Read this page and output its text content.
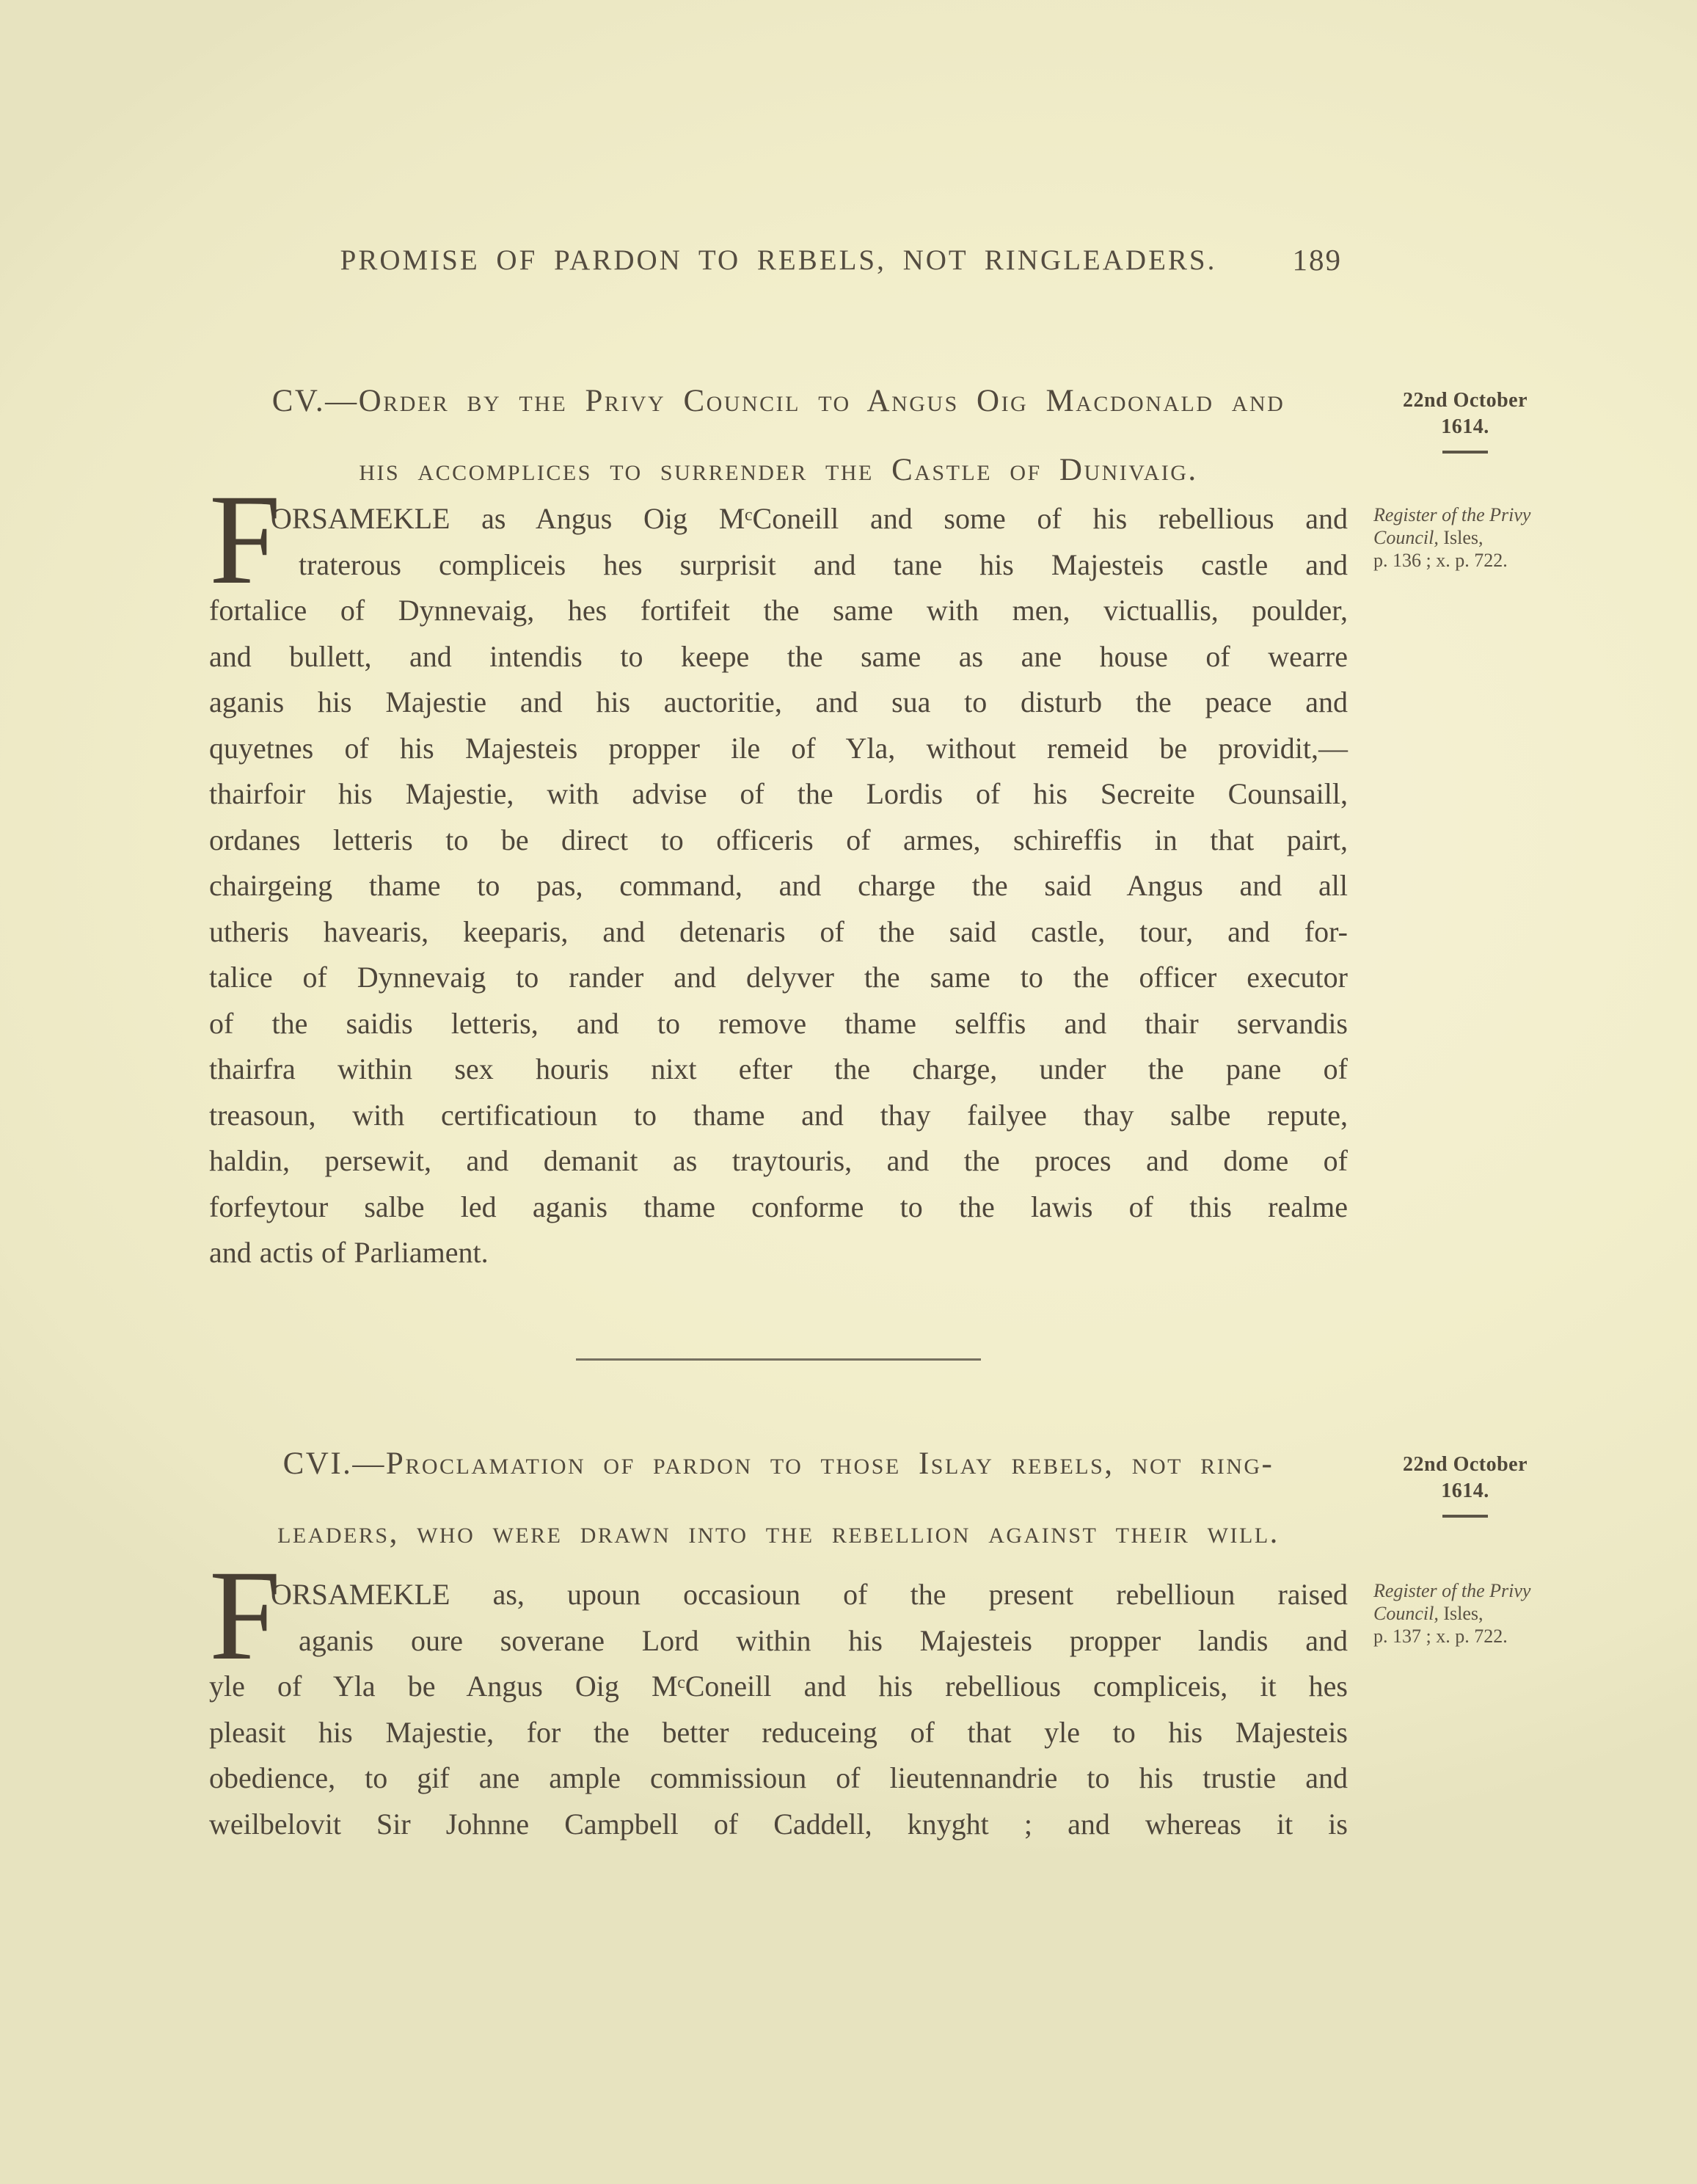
PROMISE OF PARDON TO REBELS, NOT RINGLEADERS.	189
CV.—Order by the Privy Council to Angus Oig Macdonald and
his accomplices to surrender the Castle of Dunivaig.
22nd October
1614.
Register of the Privy Council, Isles,
p. 136 ; x. p. 722.
F
ORSAMEKLE as Angus Oig MᶜConeill and some of his rebellious and
traterous compliceis hes surprisit and tane his Majesteis castle and
fortalice of Dynnevaig, hes fortifeit the same with men, victuallis, poulder,
and bullett, and intendis to keepe the same as ane house of wearre
aganis his Majestie and his auctoritie, and sua to disturb the peace and
quyetnes of his Majesteis propper ile of Yla, without remeid be providit,—
thairfoir his Majestie, with advise of the Lordis of his Secreite Counsaill,
ordanes letteris to be direct to officeris of armes, schireffis in that pairt,
chairgeing thame to pas, command, and charge the said Angus and all
utheris havearis, keeparis, and detenaris of the said castle, tour, and for-
talice of Dynnevaig to rander and delyver the same to the officer executor
of the saidis letteris, and to remove thame selffis and thair servandis
thairfra within sex houris nixt efter the charge, under the pane of
treasoun, with certificatioun to thame and thay failyee thay salbe repute,
haldin, persewit, and demanit as traytouris, and the proces and dome of
forfeytour salbe led aganis thame conforme to the lawis of this realme
and actis of Parliament.
CVI.—Proclamation of pardon to those Islay rebels, not ring-
leaders, who were drawn into the rebellion against their will.
22nd October
1614.
Register of the Privy Council, Isles,
p. 137 ; x. p. 722.
F
ORSAMEKLE as, upoun occasioun of the present rebellioun raised
aganis oure soverane Lord within his Majesteis propper landis and
yle of Yla be Angus Oig MᶜConeill and his rebellious compliceis, it hes
pleasit his Majestie, for the better reduceing of that yle to his Majesteis
obedience, to gif ane ample commissioun of lieutennandrie to his trustie and
weilbelovit Sir Johnne Campbell of Caddell, knyght ; and whereas it is
